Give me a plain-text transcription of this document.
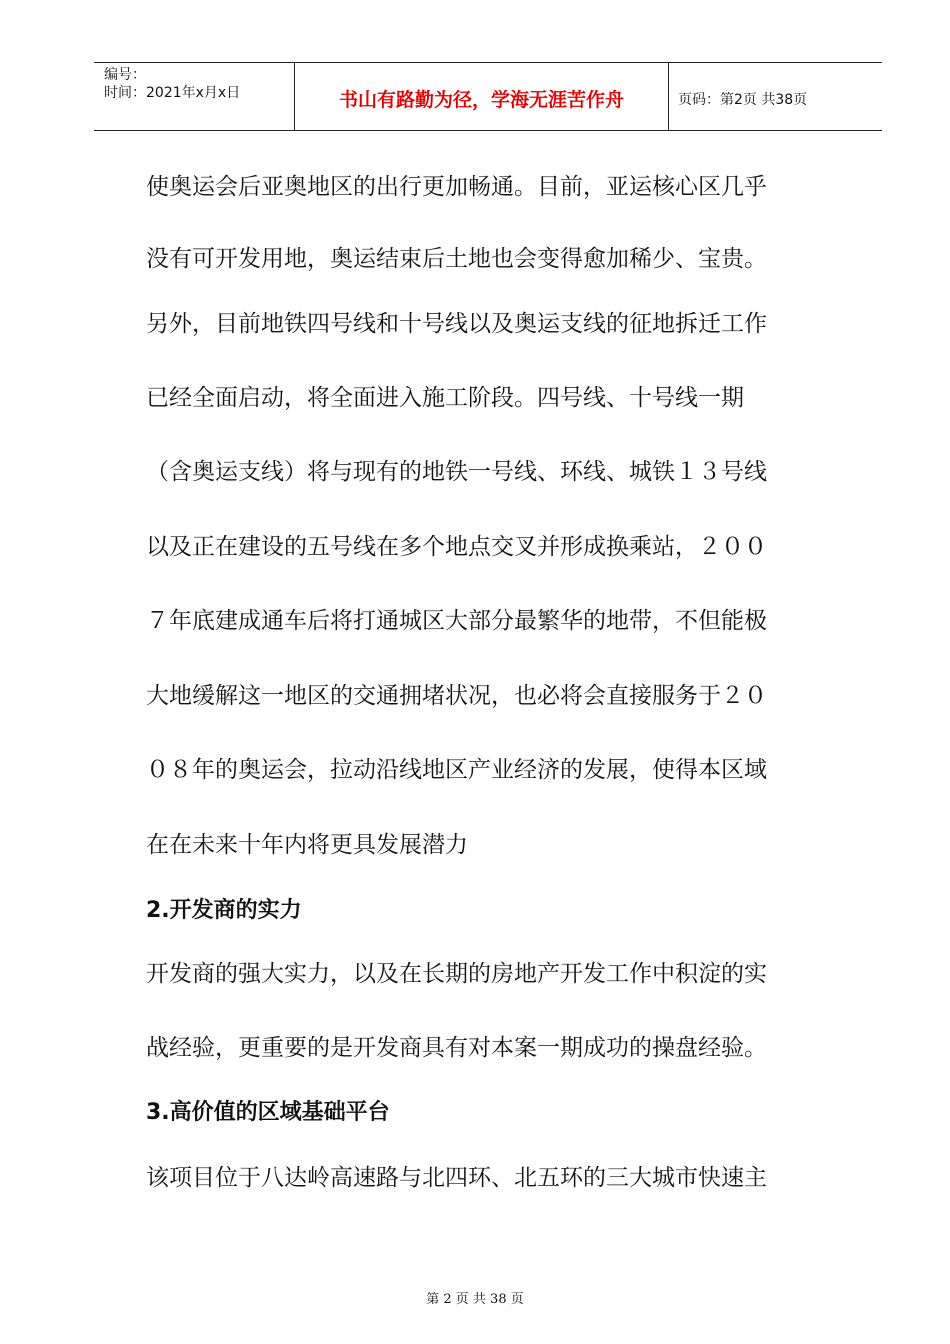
编号：
时间：2021年x月x日	书山有路勤为径，学海无涯苦作舟	页码：第2页 共38页
使奥运会后亚奥地区的出行更加畅通。目前，亚运核心区几乎
没有可开发用地，奥运结束后土地也会变得愈加稀少、宝贵。
另外，目前地铁四号线和十号线以及奥运支线的征地拆迁工作
已经全面启动，将全面进入施工阶段。四号线、十号线一期
（含奥运支线）将与现有的地铁一号线、环线、城铁１３号线
以及正在建设的五号线在多个地点交叉并形成换乘站，２００
７年底建成通车后将打通城区大部分最繁华的地带，不但能极
大地缓解这一地区的交通拥堵状况，也必将会直接服务于２０
０８年的奥运会，拉动沿线地区产业经济的发展，使得本区域
在在未来十年内将更具发展潜力
2.开发商的实力
开发商的强大实力，以及在长期的房地产开发工作中积淀的实
战经验，更重要的是开发商具有对本案一期成功的操盘经验。
3.高价值的区域基础平台
该项目位于八达岭高速路与北四环、北五环的三大城市快速主
第 2 页 共 38 页
